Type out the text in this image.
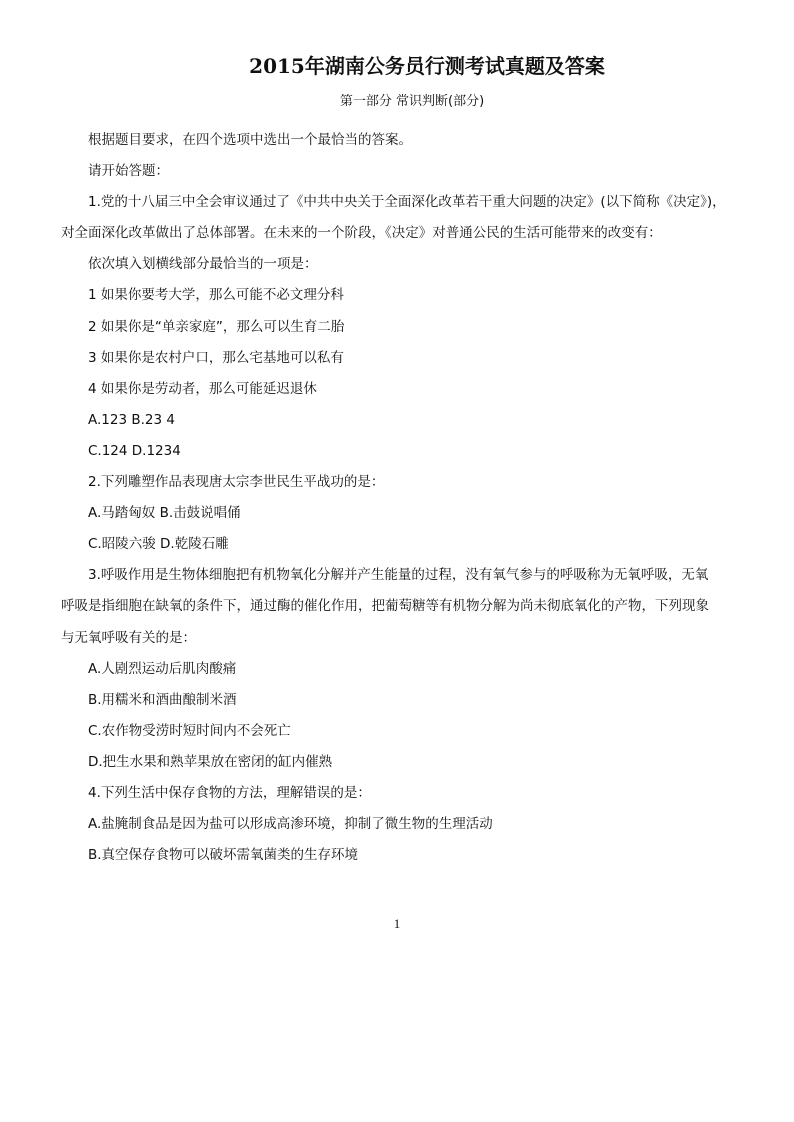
2015年湖南公务员行测考试真题及答案
第一部分 常识判断(部分)
根据题目要求，在四个选项中选出一个最恰当的答案。
请开始答题：
1.党的十八届三中全会审议通过了《中共中央关于全面深化改革若干重大问题的决定》(以下简称《决定》)，
对全面深化改革做出了总体部署。在未来的一个阶段，《决定》对普通公民的生活可能带来的改变有：
依次填入划横线部分最恰当的一项是：
1 如果你要考大学，那么可能不必文理分科
2 如果你是“单亲家庭”，那么可以生育二胎
3 如果你是农村户口，那么宅基地可以私有
4 如果你是劳动者，那么可能延迟退休
A.123 B.23 4
C.124 D.1234
2.下列雕塑作品表现唐太宗李世民生平战功的是：
A.马踏匈奴 B.击鼓说唱俑
C.昭陵六骏 D.乾陵石雕
3.呼吸作用是生物体细胞把有机物氧化分解并产生能量的过程，没有氧气参与的呼吸称为无氧呼吸，无氧
呼吸是指细胞在缺氧的条件下，通过酶的催化作用，把葡萄糖等有机物分解为尚未彻底氧化的产物，下列现象
与无氧呼吸有关的是：
A.人剧烈运动后肌肉酸痛
B.用糯米和酒曲酿制米酒
C.农作物受涝时短时间内不会死亡
D.把生水果和熟苹果放在密闭的缸内催熟
4.下列生活中保存食物的方法，理解错误的是：
A.盐腌制食品是因为盐可以形成高渗环境，抑制了微生物的生理活动
B.真空保存食物可以破坏需氧菌类的生存环境
1
